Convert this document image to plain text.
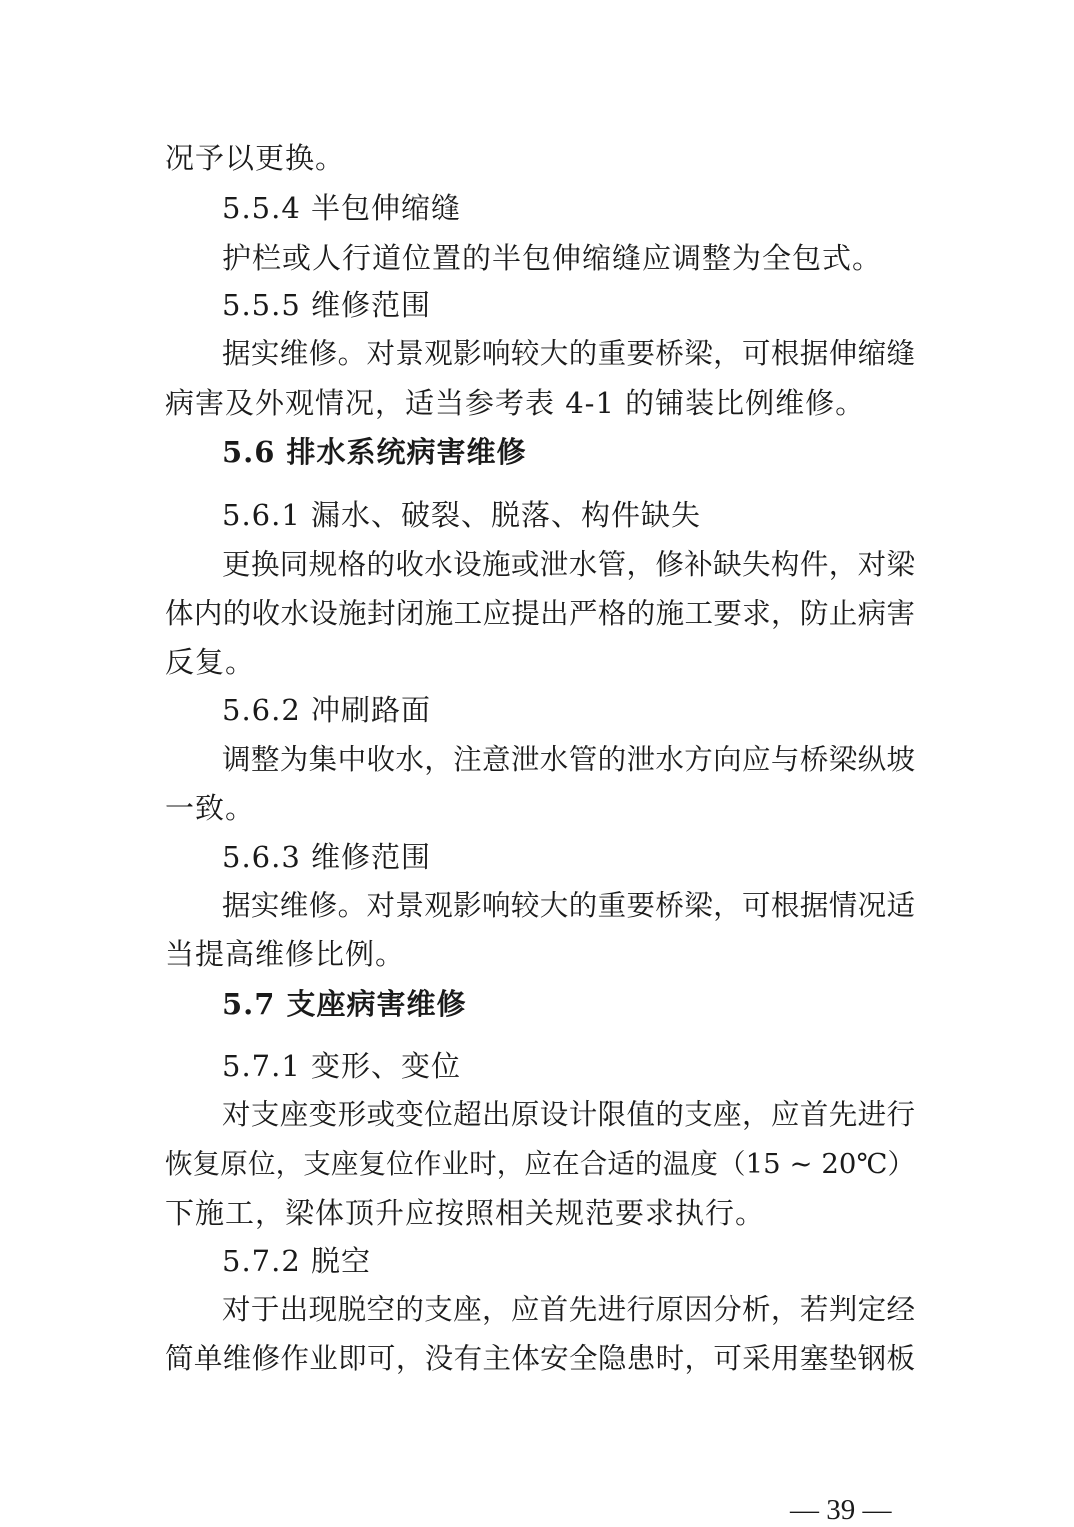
况予以更换。
5.5.4 半包伸缩缝
护栏或人行道位置的半包伸缩缝应调整为全包式。
5.5.5 维修范围
据实维修。对景观影响较大的重要桥梁，可根据伸缩缝
病害及外观情况，适当参考表 4-1 的铺装比例维修。
5.6 排水系统病害维修
5.6.1 漏水、破裂、脱落、构件缺失
更换同规格的收水设施或泄水管，修补缺失构件，对梁
体内的收水设施封闭施工应提出严格的施工要求，防止病害
反复。
5.6.2 冲刷路面
调整为集中收水，注意泄水管的泄水方向应与桥梁纵坡
一致。
5.6.3 维修范围
据实维修。对景观影响较大的重要桥梁，可根据情况适
当提高维修比例。
5.7 支座病害维修
5.7.1 变形、变位
对支座变形或变位超出原设计限值的支座，应首先进行
恢复原位，支座复位作业时，应在合适的温度（15 ~ 20℃）
下施工，梁体顶升应按照相关规范要求执行。
5.7.2 脱空
对于出现脱空的支座，应首先进行原因分析，若判定经
简单维修作业即可，没有主体安全隐患时，可采用塞垫钢板
— 39 —
